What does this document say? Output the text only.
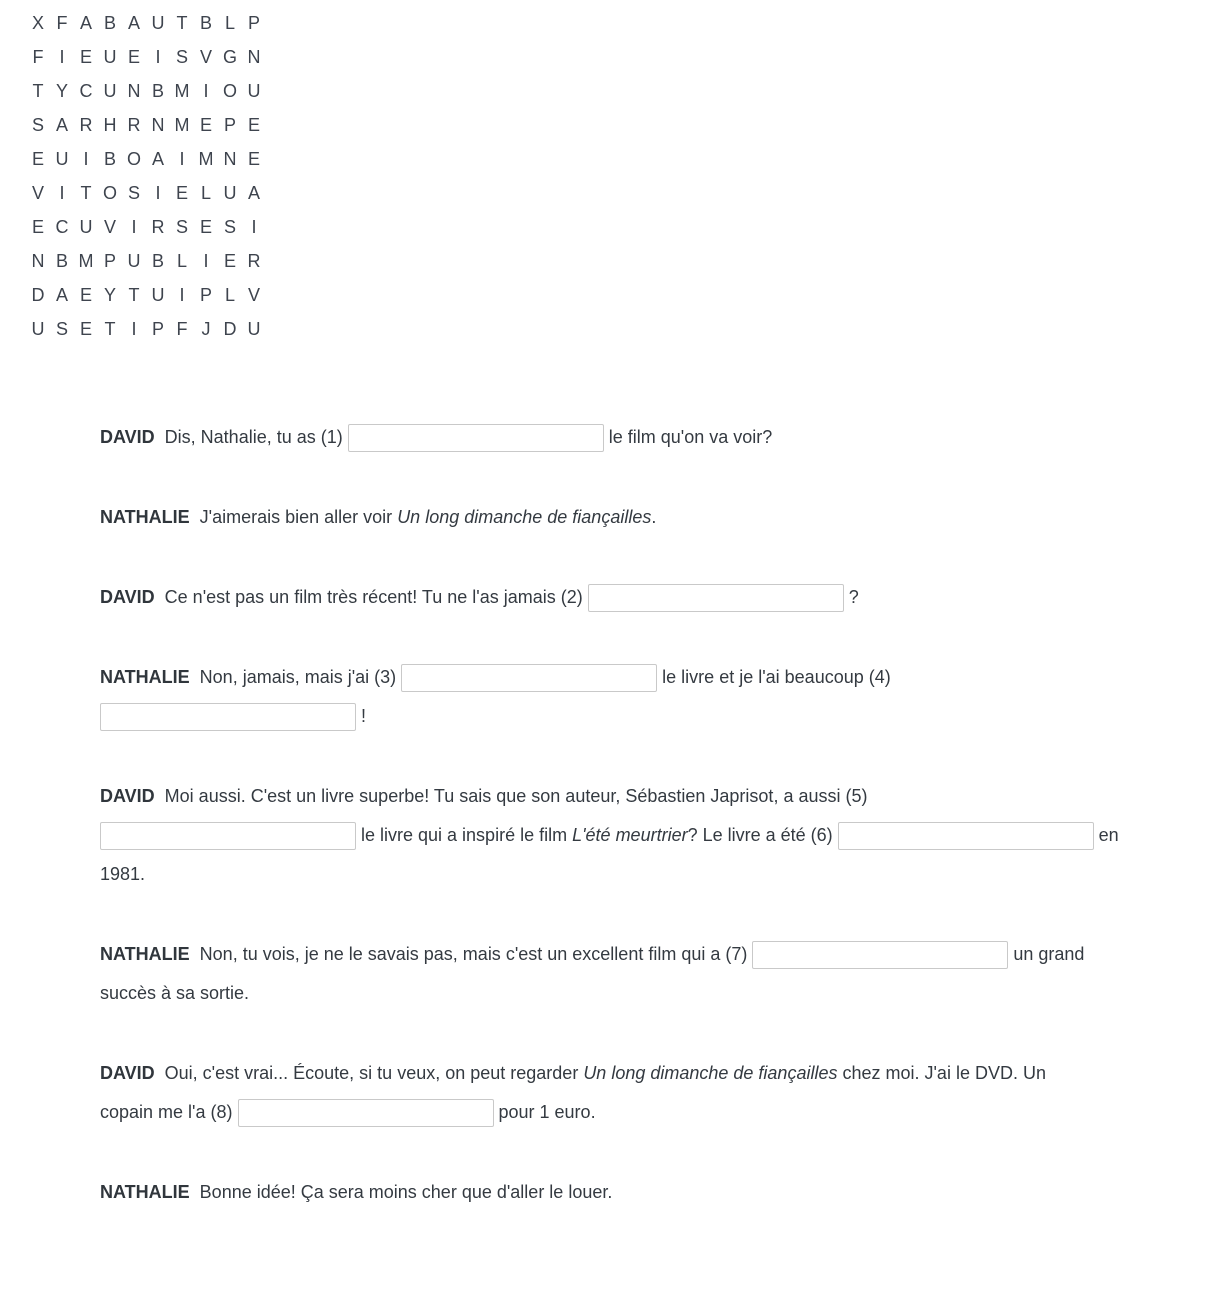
X F A B A U T B L P
F I E U E I S V G N
T Y C U N B M I O U
S A R H R N M E P E
E U I B O A I M N E
V I T O S I E L U A
E C U V I R S E S I
N B M P U B L I E R
D A E Y T U I P L V
U S E T I P F J D U
DAVID Dis, Nathalie, tu as (1)	le film qu'on va voir?
NATHALIE J'aimerais bien aller voir Un long dimanche de fiançailles.
DAVID Ce n'est pas un film très récent! Tu ne l'as jamais (2)	?
NATHALIE Non, jamais, mais j'ai (3)	le livre et je l'ai beaucoup (4)
!
DAVID Moi aussi. C'est un livre superbe! Tu sais que son auteur, Sébastien Japrisot, a aussi (5)
le livre qui a inspiré le film L'été meurtrier? Le livre a été (6)	en
1981.
NATHALIE Non, tu vois, je ne le savais pas, mais c'est un excellent film qui a (7)	un grand
succès à sa sortie.
DAVID Oui, c'est vrai... Écoute, si tu veux, on peut regarder Un long dimanche de fiançailles chez moi. J'ai le DVD. Un
copain me l'a (8)	pour 1 euro.
NATHALIE Bonne idée! Ça sera moins cher que d'aller le louer.
